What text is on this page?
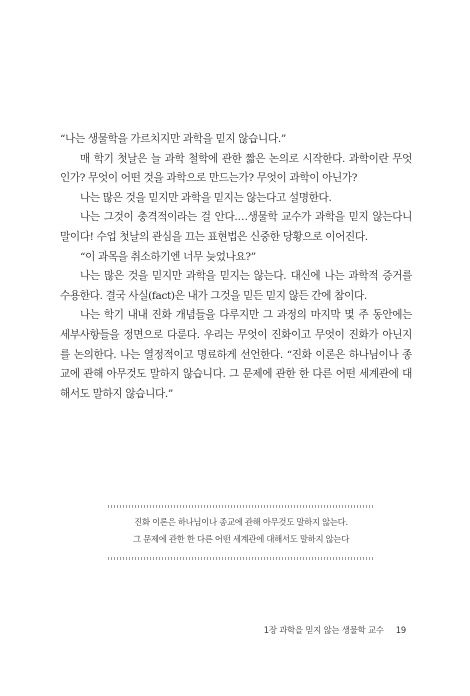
“나는 생물학을 가르치지만 과학을 믿지 않습니다.”

매 학기 첫날은 늘 과학 철학에 관한 짧은 논의로 시작한다. 과학이란 무엇인가? 무엇이 어떤 것을 과학으로 만드는가? 무엇이 과학이 아닌가?

나는 많은 것을 믿지만 과학을 믿지는 않는다고 설명한다.

나는 그것이 충격적이라는 걸 안다.…생물학 교수가 과학을 믿지 않는다니 말이다! 수업 첫날의 관심을 끄는 표현법은 신중한 당황으로 이어진다.

“이 과목을 취소하기엔 너무 늦었나요?”

나는 많은 것을 믿지만 과학을 믿지는 않는다. 대신에 나는 과학적 증거를 수용한다. 결국 사실(fact)은 내가 그것을 믿든 믿지 않든 간에 참이다.

나는 학기 내내 진화 개념들을 다루지만 그 과정의 마지막 몇 주 동안에는 세부사항들을 정면으로 다룬다. 우리는 무엇이 진화이고 무엇이 진화가 아닌지를 논의한다. 나는 열정적이고 명료하게 선언한다. “진화 이론은 하나님이나 종교에 관해 아무것도 말하지 않습니다. 그 문제에 관한 한 다른 어떤 세계관에 대해서도 말하지 않습니다.”

진화 이론은 하나님이나 종교에 관해 아무것도 말하지 않는다.
그 문제에 관한 한 다른 어떤 세계관에 대해서도 말하지 않는다
1장 과학을 믿지 않는 생물학 교수 19
